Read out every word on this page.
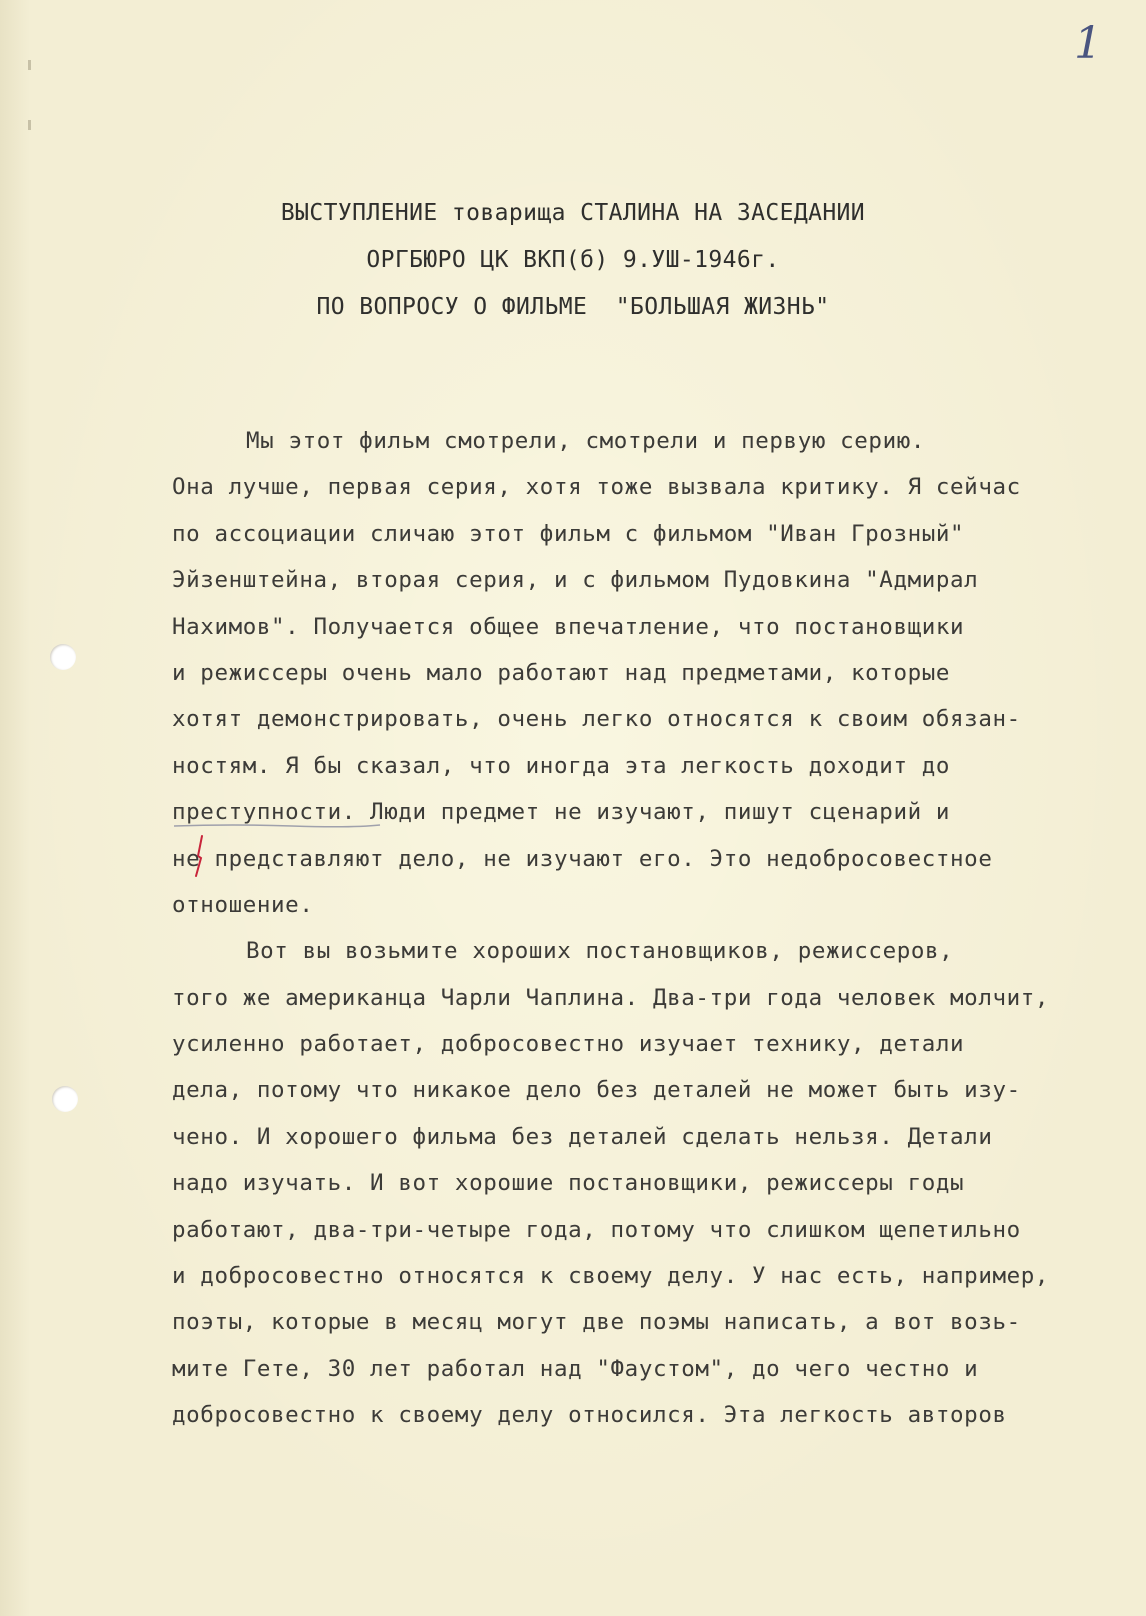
1
ВЫСТУПЛЕНИЕ товарища СТАЛИНА НА ЗАСЕДАНИИ
ОРГБЮРО ЦК ВКП(б) 9.УШ-1946г.
ПО ВОПРОСУ О ФИЛЬМЕ  "БОЛЬШАЯ ЖИЗНЬ"
Мы этот фильм смотрели, смотрели и первую серию.
Она лучше, первая серия, хотя тоже вызвала критику. Я сейчас
по ассоциации сличаю этот фильм с фильмом "Иван Грозный"
Эйзенштейна, вторая серия, и с фильмом Пудовкина "Адмирал
Нахимов". Получается общее впечатление, что постановщики
и режиссеры очень мало работают над предметами, которые
хотят демонстрировать, очень легко относятся к своим обязан-
ностям. Я бы сказал, что иногда эта легкость доходит до
преступности. Люди предмет не изучают, пишут сценарий и
не представляют дело, не изучают его. Это недобросовестное
отношение.
Вот вы возьмите хороших постановщиков, режиссеров,
того же американца Чарли Чаплина. Два-три года человек молчит,
усиленно работает, добросовестно изучает технику, детали
дела, потому что никакое дело без деталей не может быть изу-
чено. И хорошего фильма без деталей сделать нельзя. Детали
надо изучать. И вот хорошие постановщики, режиссеры годы
работают, два-три-четыре года, потому что слишком щепетильно
и добросовестно относятся к своему делу. У нас есть, например,
поэты, которые в месяц могут две поэмы написать, а вот возь-
мите Гете, 30 лет работал над "Фаустом", до чего честно и
добросовестно к своему делу относился. Эта легкость авторов
